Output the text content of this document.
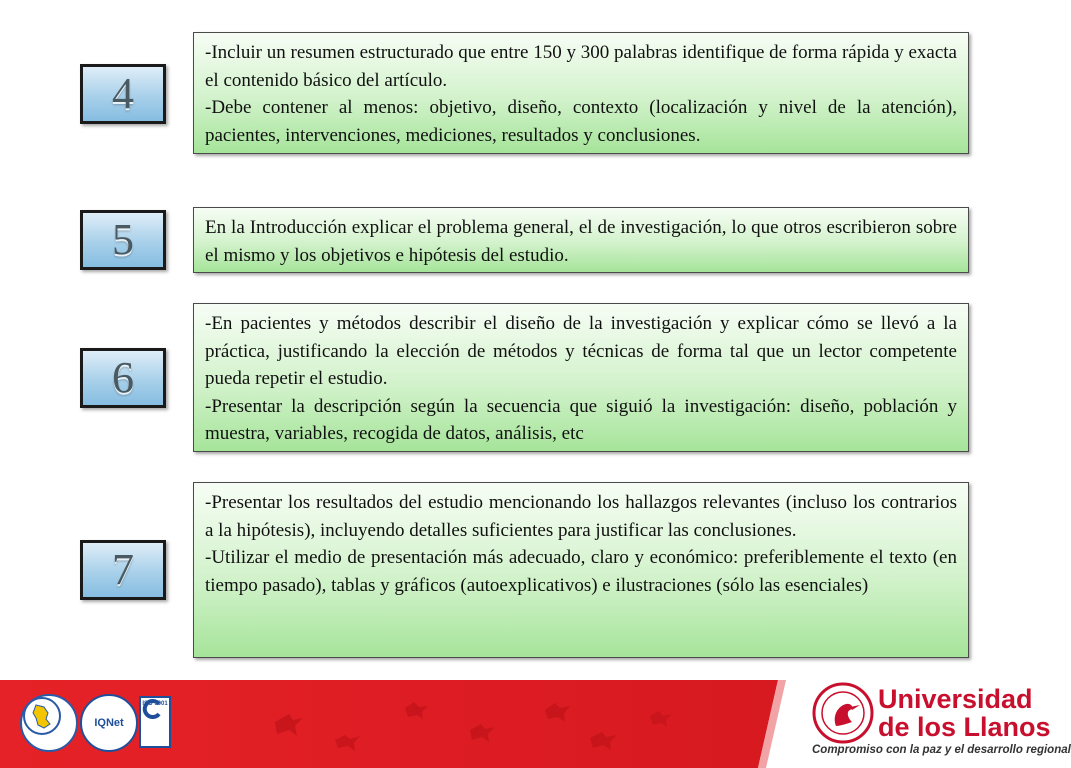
4

-Incluir un resumen estructurado que entre 150 y 300 palabras identifique de forma rápida y exacta el contenido básico del artículo.

-Debe contener al menos: objetivo, diseño, contexto (localización y nivel de la atención), pacientes, intervenciones, mediciones, resultados y conclusiones.

5	En la Introducción explicar el problema general, el de investigación, lo que otros escribieron sobre el mismo y los objetivos e hipótesis del estudio.

6

-En pacientes y métodos describir el diseño de la investigación y explicar cómo se llevó a la práctica, justificando la elección de métodos y técnicas de forma tal que un lector competente pueda repetir el estudio.

-Presentar la descripción según la secuencia que siguió la investigación: diseño, población y muestra, variables, recogida de datos, análisis, etc

7

-Presentar los resultados del estudio mencionando los hallazgos relevantes (incluso los contrarios a la hipótesis), incluyendo detalles suficientes para justificar las conclusiones.

-Utilizar el medio de presentación más adecuado, claro y económico: preferiblemente el texto (en tiempo pasado), tablas y gráficos (autoexplicativos) e ilustraciones (sólo las esenciales)

IQNet
ISO 9001	Universidad
de los Llanos
Compromiso con la paz y el desarrollo regional
